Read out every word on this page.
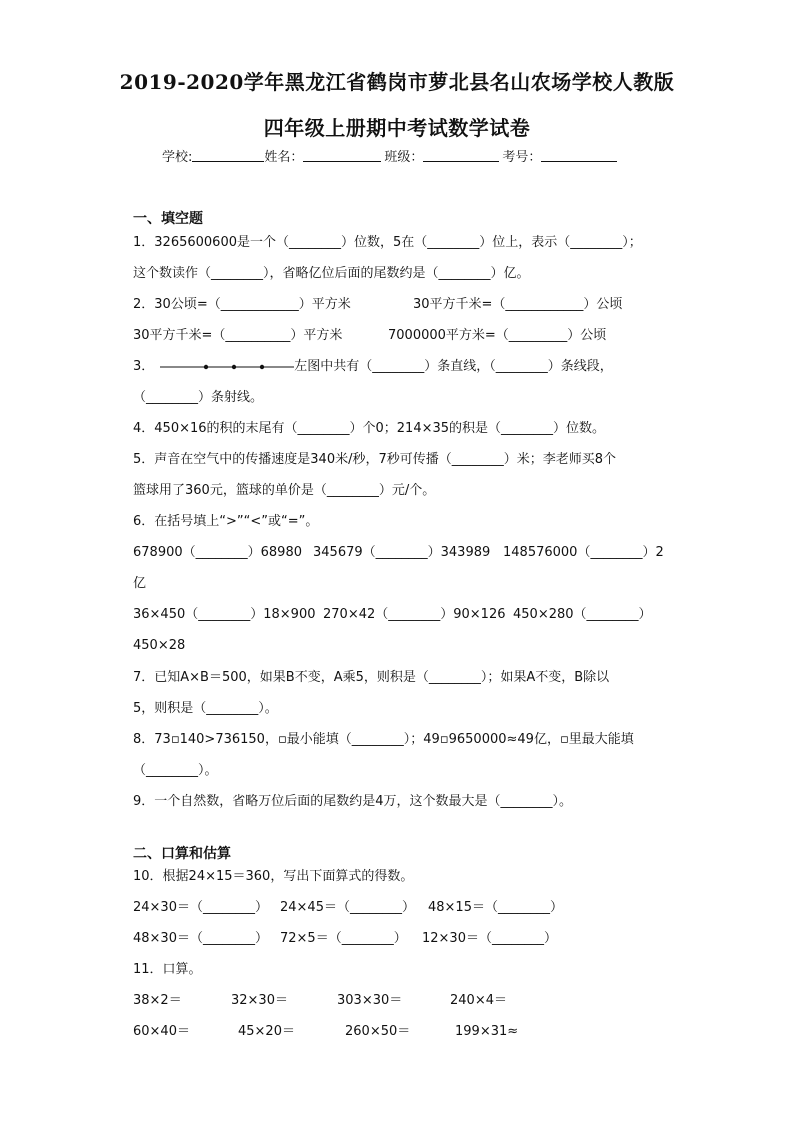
2019-2020学年黑龙江省鹤岗市萝北县名山农场学校人教版
四年级上册期中考试数学试卷
学校:	姓名：	班级：	考号：
一、填空题
1．3265600600是一个（________）位数，5在（________）位上，表示（________）；
这个数读作（________），省略亿位后面的尾数约是（________）亿。
2．30公顷=（____________）平方米	30平方千米=（____________）公顷
30平方千米=（__________）平方米	7000000平方米=（_________）公顷
3．	左图中共有（________）条直线，（________）条线段，
（________）条射线。
4．450×16的积的末尾有（________）个0；214×35的积是（________）位数。
5．声音在空气中的传播速度是340米/秒，7秒可传播（________）米；李老师买8个
篮球用了360元，篮球的单价是（________）元/个。
6．在括号填上“>”“<”或“=”。
678900（________）68980 345679（________）343989 148576000（________）2
亿
36×450（________）18×900 270×42（________）90×126 450×280（________）
450×28
7．已知A×B＝500，如果B不变，A乘5，则积是（________）；如果A不变，B除以
5，则积是（________）。
8．73▫140>736150，▫最小能填（________）；49▫9650000≈49亿，▫里最大能填
（________）。
9．一个自然数，省略万位后面的尾数约是4万，这个数最大是（________）。
二、口算和估算
10．根据24×15＝360，写出下面算式的得数。
24×30＝（________） 24×45＝（________） 48×15＝（________）
48×30＝（________） 72×5＝（________） 12×30＝（________）
11．口算。
38×2＝	32×30＝	303×30＝	240×4＝
60×40＝	45×20＝	260×50＝	199×31≈
